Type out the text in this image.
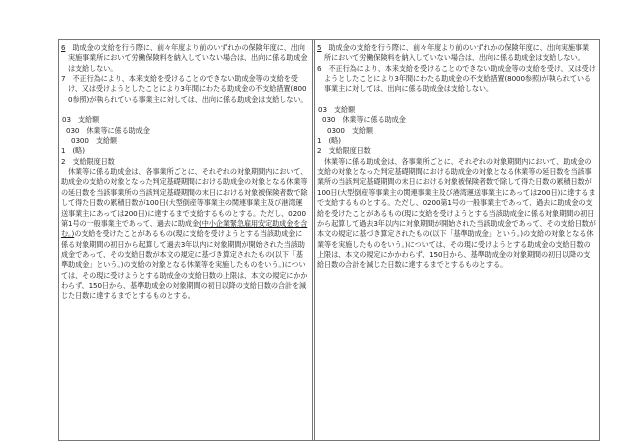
6　 助成金の支給を行う際に、前々年度より前のいずれかの保険年度に、出向実施事業所において労働保険料を納入していない場合は、出向に係る助成金は支給しない。

7　不正行為により、本来支給を受けることのできない助成金等の支給を受け、又は受けようとしたことにより3年間にわたる助成金の不支給措置(8000参照)が執られている事業主に対しては、出向に係る助成金は支給しない。

03　支給額

030　休業等に係る助成金

0300　支給額

1　(略)

2　支給限度日数

休業等に係る助成金は、各事業所ごとに、それぞれの対象期間内において、助成金の支給の対象となった判定基礎期間における助成金の対象となる休業等の延日数を当該事業所の当該判定基礎期間の末日における対象被保険者数で除して得た日数の累積日数が100日(大型倒産等事業主の関連事業主及び港湾運送事業主にあっては200日)に達するまで支給するものとする。ただし、0200第1号の一般事業主であって、過去に助成金(中小企業緊急雇用安定助成金を含む。)の支給を受けたことがあるもの(現に支給を受けようとする当該助成金に係る対象期間の初日から起算して過去3年以内に対象期間が開始された当該助成金であって、その支給日数が本文の規定に基づき算定されたもの(以下「基準助成金」という。)の支給の対象となる休業等を実施したものをいう。)については、その現に受けようとする助成金の支給日数の上限は、本文の規定にかかわらず、150日から、基準助成金の対象期間の初日以降の支給日数の合計を減じた日数に達するまでとするものとする。

5　 助成金の支給を行う際に、前々年度より前のいずれかの保険年度に、出向実施事業所において労働保険料を納入していない場合は、出向に係る助成金は支給しない。

6　不正行為により、本来支給を受けることのできない助成金等の支給を受け、又は受けようとしたことにより3年間にわたる助成金の不支給措置(8000参照)が執られている事業主に対しては、出向に係る助成金は支給しない。

03　支給額

030　休業等に係る助成金

0300　支給額

1　(略)

2　支給限度日数

休業等に係る助成金は、各事業所ごとに、それぞれの対象期間内において、助成金の支給の対象となった判定基礎期間における助成金の対象となる休業等の延日数を当該事業所の当該判定基礎期間の末日における対象被保険者数で除して得た日数の累積日数が100日(大型倒産等事業主の関連事業主及び港湾運送事業主にあっては200日)に達するまで支給するものとする。ただし、0200第1号の一般事業主であって、過去に助成金の支給を受けたことがあるもの(現に支給を受けようとする当該助成金に係る対象期間の初日から起算して過去3年以内に対象期間が開始された当該助成金であって、その支給日数が本文の規定に基づき算定されたもの(以下「基準助成金」という。)の支給の対象となる休業等を実施したものをいう。)については、その現に受けようとする助成金の支給日数の上限は、本文の規定にかかわらず、150日から、基準助成金の対象期間の初日以降の支給日数の合計を減じた日数に達するまでとするものとする。
